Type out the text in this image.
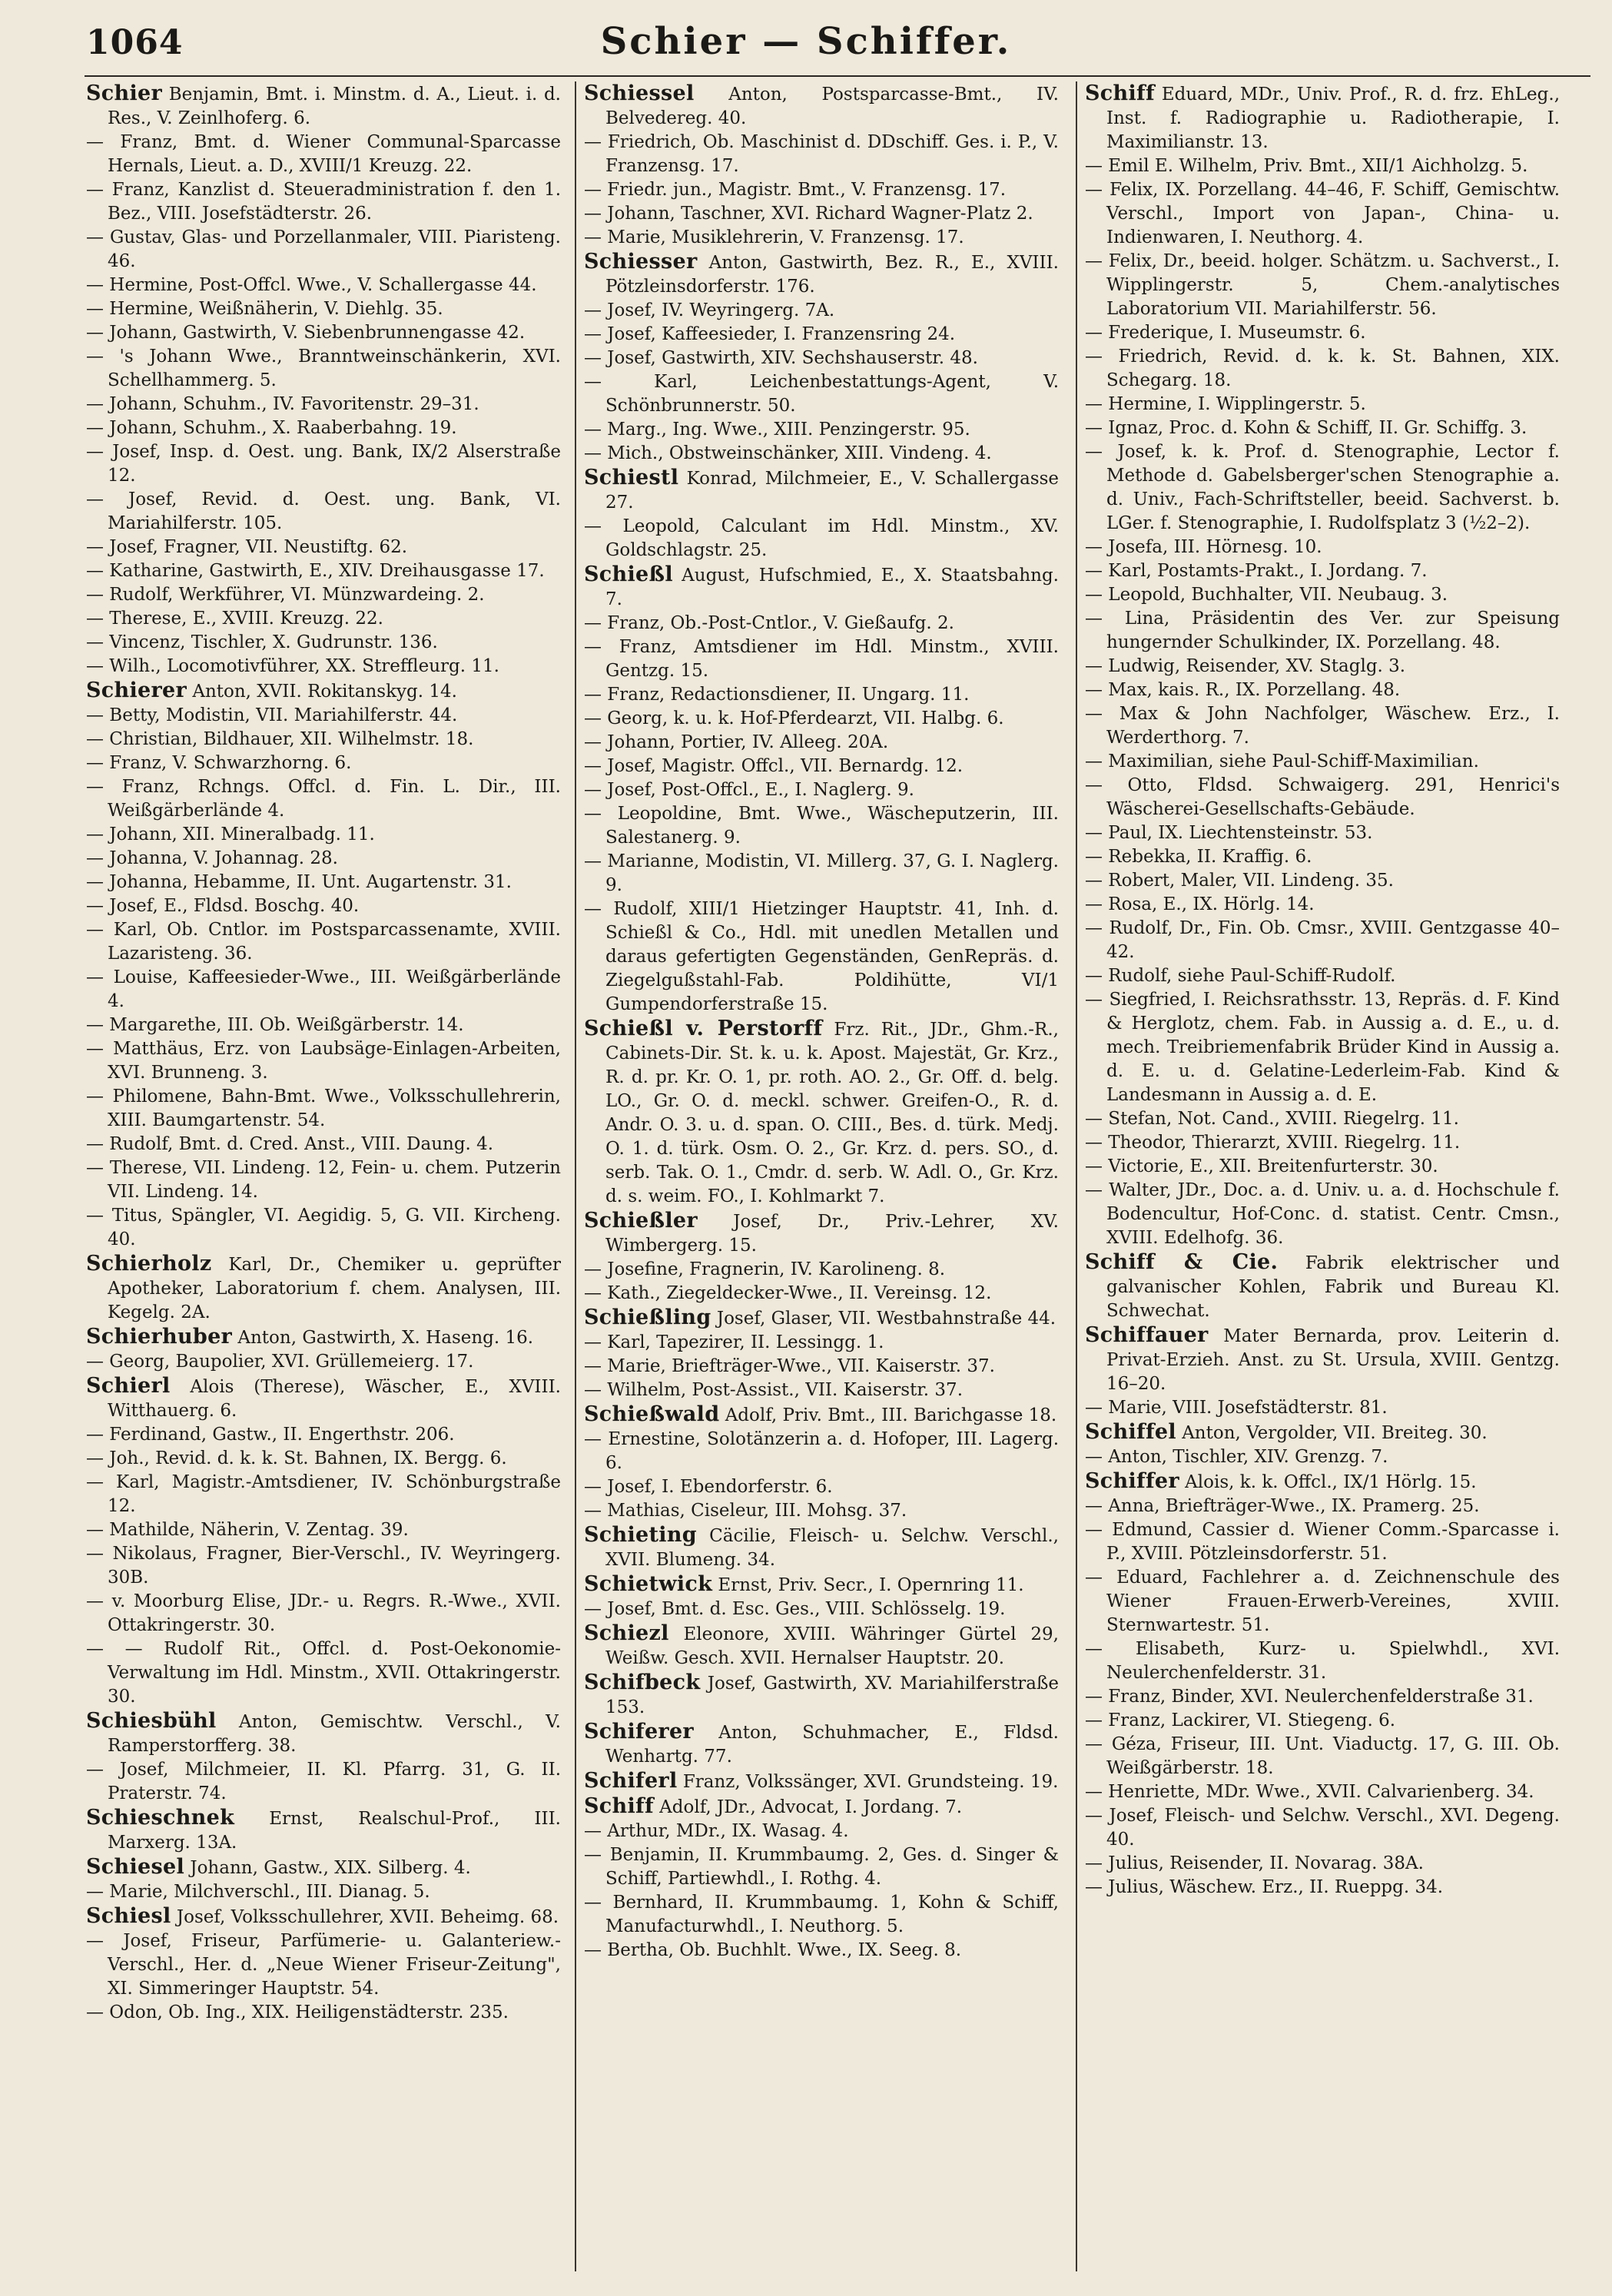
1064	Schier — Schiffer.
Schier Benjamin, Bmt. i. Minstm. d. A., Lieut. i. d. Res., V. Zeinlhoferg. 6.
— Franz, Bmt. d. Wiener Communal-Sparcasse Hernals, Lieut. a. D., XVIII/1 Kreuzg. 22.
— Franz, Kanzlist d. Steueradministration f. den 1. Bez., VIII. Josefstädterstr. 26.
— Gustav, Glas- und Porzellanmaler, VIII. Piaristeng. 46.
— Hermine, Post-Offcl. Wwe., V. Schallergasse 44.
— Hermine, Weißnäherin, V. Diehlg. 35.
— Johann, Gastwirth, V. Siebenbrunnengasse 42.
— 's Johann Wwe., Branntweinschänkerin, XVI. Schellhammerg. 5.
— Johann, Schuhm., IV. Favoritenstr. 29–31.
— Johann, Schuhm., X. Raaberbahng. 19.
— Josef, Insp. d. Oest. ung. Bank, IX/2 Alserstraße 12.
— Josef, Revid. d. Oest. ung. Bank, VI. Mariahilferstr. 105.
— Josef, Fragner, VII. Neustiftg. 62.
— Katharine, Gastwirth, E., XIV. Dreihausgasse 17.
— Rudolf, Werkführer, VI. Münzwardeing. 2.
— Therese, E., XVIII. Kreuzg. 22.
— Vincenz, Tischler, X. Gudrunstr. 136.
— Wilh., Locomotivführer, XX. Streffleurg. 11.
Schierer Anton, XVII. Rokitanskyg. 14.
— Betty, Modistin, VII. Mariahilferstr. 44.
— Christian, Bildhauer, XII. Wilhelmstr. 18.
— Franz, V. Schwarzhorng. 6.
— Franz, Rchngs. Offcl. d. Fin. L. Dir., III. Weißgärberlände 4.
— Johann, XII. Mineralbadg. 11.
— Johanna, V. Johannag. 28.
— Johanna, Hebamme, II. Unt. Augartenstr. 31.
— Josef, E., Fldsd. Boschg. 40.
— Karl, Ob. Cntlor. im Postsparcassenamte, XVIII. Lazaristeng. 36.
— Louise, Kaffeesieder-Wwe., III. Weißgärberlände 4.
— Margarethe, III. Ob. Weißgärberstr. 14.
— Matthäus, Erz. von Laubsäge-Einlagen-Arbeiten, XVI. Brunneng. 3.
— Philomene, Bahn-Bmt. Wwe., Volksschullehrerin, XIII. Baumgartenstr. 54.
— Rudolf, Bmt. d. Cred. Anst., VIII. Daung. 4.
— Therese, VII. Lindeng. 12, Fein- u. chem. Putzerin VII. Lindeng. 14.
— Titus, Spängler, VI. Aegidig. 5, G. VII. Kircheng. 40.
Schierholz Karl, Dr., Chemiker u. geprüfter Apotheker, Laboratorium f. chem. Analysen, III. Kegelg. 2A.
Schierhuber Anton, Gastwirth, X. Haseng. 16.
— Georg, Baupolier, XVI. Grüllemeierg. 17.
Schierl Alois (Therese), Wäscher, E., XVIII. Witthauerg. 6.
— Ferdinand, Gastw., II. Engerthstr. 206.
— Joh., Revid. d. k. k. St. Bahnen, IX. Bergg. 6.
— Karl, Magistr.-Amtsdiener, IV. Schönburgstraße 12.
— Mathilde, Näherin, V. Zentag. 39.
— Nikolaus, Fragner, Bier-Verschl., IV. Weyringerg. 30B.
— v. Moorburg Elise, JDr.- u. Regrs. R.-Wwe., XVII. Ottakringerstr. 30.
— — Rudolf Rit., Offcl. d. Post-Oekonomie-Verwaltung im Hdl. Minstm., XVII. Ottakringerstr. 30.
Schiesbühl Anton, Gemischtw. Verschl., V. Ramperstorfferg. 38.
— Josef, Milchmeier, II. Kl. Pfarrg. 31, G. II. Praterstr. 74.
Schieschnek Ernst, Realschul-Prof., III. Marxerg. 13A.
Schiesel Johann, Gastw., XIX. Silberg. 4.
— Marie, Milchverschl., III. Dianag. 5.
Schiesl Josef, Volksschullehrer, XVII. Beheimg. 68.
— Josef, Friseur, Parfümerie- u. Galanteriew.-Verschl., Her. d. „Neue Wiener Friseur-Zeitung", XI. Simmeringer Hauptstr. 54.
— Odon, Ob. Ing., XIX. Heiligenstädterstr. 235.
Schiessel Anton, Postsparcasse-Bmt., IV. Belvedereg. 40.
— Friedrich, Ob. Maschinist d. DDschiff. Ges. i. P., V. Franzensg. 17.
— Friedr. jun., Magistr. Bmt., V. Franzensg. 17.
— Johann, Taschner, XVI. Richard Wagner-Platz 2.
— Marie, Musiklehrerin, V. Franzensg. 17.
Schiesser Anton, Gastwirth, Bez. R., E., XVIII. Pötzleinsdorferstr. 176.
— Josef, IV. Weyringerg. 7A.
— Josef, Kaffeesieder, I. Franzensring 24.
— Josef, Gastwirth, XIV. Sechshauserstr. 48.
— Karl, Leichenbestattungs-Agent, V. Schönbrunnerstr. 50.
— Marg., Ing. Wwe., XIII. Penzingerstr. 95.
— Mich., Obstweinschänker, XIII. Vindeng. 4.
Schiestl Konrad, Milchmeier, E., V. Schallergasse 27.
— Leopold, Calculant im Hdl. Minstm., XV. Goldschlagstr. 25.
Schießl August, Hufschmied, E., X. Staatsbahng. 7.
— Franz, Ob.-Post-Cntlor., V. Gießaufg. 2.
— Franz, Amtsdiener im Hdl. Minstm., XVIII. Gentzg. 15.
— Franz, Redactionsdiener, II. Ungarg. 11.
— Georg, k. u. k. Hof-Pferdearzt, VII. Halbg. 6.
— Johann, Portier, IV. Alleeg. 20A.
— Josef, Magistr. Offcl., VII. Bernardg. 12.
— Josef, Post-Offcl., E., I. Naglerg. 9.
— Leopoldine, Bmt. Wwe., Wäscheputzerin, III. Salestanerg. 9.
— Marianne, Modistin, VI. Millerg. 37, G. I. Naglerg. 9.
— Rudolf, XIII/1 Hietzinger Hauptstr. 41, Inh. d. Schießl & Co., Hdl. mit unedlen Metallen und daraus gefertigten Gegenständen, GenRepräs. d. Ziegelgußstahl-Fab. Poldihütte, VI/1 Gumpendorferstraße 15.
Schießl v. Perstorff Frz. Rit., JDr., Ghm.-R., Cabinets-Dir. St. k. u. k. Apost. Majestät, Gr. Krz., R. d. pr. Kr. O. 1, pr. roth. AO. 2., Gr. Off. d. belg. LO., Gr. O. d. meckl. schwer. Greifen-O., R. d. Andr. O. 3. u. d. span. O. CIII., Bes. d. türk. Medj. O. 1. d. türk. Osm. O. 2., Gr. Krz. d. pers. SO., d. serb. Tak. O. 1., Cmdr. d. serb. W. Adl. O., Gr. Krz. d. s. weim. FO., I. Kohlmarkt 7.
Schießler Josef, Dr., Priv.-Lehrer, XV. Wimbergerg. 15.
— Josefine, Fragnerin, IV. Karolineng. 8.
— Kath., Ziegeldecker-Wwe., II. Vereinsg. 12.
Schießling Josef, Glaser, VII. Westbahnstraße 44.
— Karl, Tapezirer, II. Lessingg. 1.
— Marie, Briefträger-Wwe., VII. Kaiserstr. 37.
— Wilhelm, Post-Assist., VII. Kaiserstr. 37.
Schießwald Adolf, Priv. Bmt., III. Barichgasse 18.
— Ernestine, Solotänzerin a. d. Hofoper, III. Lagerg. 6.
— Josef, I. Ebendorferstr. 6.
— Mathias, Ciseleur, III. Mohsg. 37.
Schieting Cäcilie, Fleisch- u. Selchw. Verschl., XVII. Blumeng. 34.
Schietwick Ernst, Priv. Secr., I. Opernring 11.
— Josef, Bmt. d. Esc. Ges., VIII. Schlösselg. 19.
Schiezl Eleonore, XVIII. Währinger Gürtel 29, Weißw. Gesch. XVII. Hernalser Hauptstr. 20.
Schifbeck Josef, Gastwirth, XV. Mariahilferstraße 153.
Schiferer Anton, Schuhmacher, E., Fldsd. Wenhartg. 77.
Schiferl Franz, Volkssänger, XVI. Grundsteing. 19.
Schiff Adolf, JDr., Advocat, I. Jordang. 7.
— Arthur, MDr., IX. Wasag. 4.
— Benjamin, II. Krummbaumg. 2, Ges. d. Singer & Schiff, Partiewhdl., I. Rothg. 4.
— Bernhard, II. Krummbaumg. 1, Kohn & Schiff, Manufacturwhdl., I. Neuthorg. 5.
— Bertha, Ob. Buchhlt. Wwe., IX. Seeg. 8.
Schiff Eduard, MDr., Univ. Prof., R. d. frz. EhLeg., Inst. f. Radiographie u. Radiotherapie, I. Maximilianstr. 13.
— Emil E. Wilhelm, Priv. Bmt., XII/1 Aichholzg. 5.
— Felix, IX. Porzellang. 44–46, F. Schiff, Gemischtw. Verschl., Import von Japan-, China- u. Indienwaren, I. Neuthorg. 4.
— Felix, Dr., beeid. holger. Schätzm. u. Sachverst., I. Wipplingerstr. 5, Chem.-analytisches Laboratorium VII. Mariahilferstr. 56.
— Frederique, I. Museumstr. 6.
— Friedrich, Revid. d. k. k. St. Bahnen, XIX. Schegarg. 18.
— Hermine, I. Wipplingerstr. 5.
— Ignaz, Proc. d. Kohn & Schiff, II. Gr. Schiffg. 3.
— Josef, k. k. Prof. d. Stenographie, Lector f. Methode d. Gabelsberger'schen Stenographie a. d. Univ., Fach-Schriftsteller, beeid. Sachverst. b. LGer. f. Stenographie, I. Rudolfsplatz 3 (½2–2).
— Josefa, III. Hörnesg. 10.
— Karl, Postamts-Prakt., I. Jordang. 7.
— Leopold, Buchhalter, VII. Neubaug. 3.
— Lina, Präsidentin des Ver. zur Speisung hungernder Schulkinder, IX. Porzellang. 48.
— Ludwig, Reisender, XV. Staglg. 3.
— Max, kais. R., IX. Porzellang. 48.
— Max & John Nachfolger, Wäschew. Erz., I. Werderthorg. 7.
— Maximilian, siehe Paul-Schiff-Maximilian.
— Otto, Fldsd. Schwaigerg. 291, Henrici's Wäscherei-Gesellschafts-Gebäude.
— Paul, IX. Liechtensteinstr. 53.
— Rebekka, II. Kraffig. 6.
— Robert, Maler, VII. Lindeng. 35.
— Rosa, E., IX. Hörlg. 14.
— Rudolf, Dr., Fin. Ob. Cmsr., XVIII. Gentzgasse 40–42.
— Rudolf, siehe Paul-Schiff-Rudolf.
— Siegfried, I. Reichsrathsstr. 13, Repräs. d. F. Kind & Herglotz, chem. Fab. in Aussig a. d. E., u. d. mech. Treibriemenfabrik Brüder Kind in Aussig a. d. E. u. d. Gelatine-Lederleim-Fab. Kind & Landesmann in Aussig a. d. E.
— Stefan, Not. Cand., XVIII. Riegelrg. 11.
— Theodor, Thierarzt, XVIII. Riegelrg. 11.
— Victorie, E., XII. Breitenfurterstr. 30.
— Walter, JDr., Doc. a. d. Univ. u. a. d. Hochschule f. Bodencultur, Hof-Conc. d. statist. Centr. Cmsn., XVIII. Edelhofg. 36.
Schiff & Cie. Fabrik elektrischer und galvanischer Kohlen, Fabrik und Bureau Kl. Schwechat.
Schiffauer Mater Bernarda, prov. Leiterin d. Privat-Erzieh. Anst. zu St. Ursula, XVIII. Gentzg. 16–20.
— Marie, VIII. Josefstädterstr. 81.
Schiffel Anton, Vergolder, VII. Breiteg. 30.
— Anton, Tischler, XIV. Grenzg. 7.
Schiffer Alois, k. k. Offcl., IX/1 Hörlg. 15.
— Anna, Briefträger-Wwe., IX. Pramerg. 25.
— Edmund, Cassier d. Wiener Comm.-Sparcasse i. P., XVIII. Pötzleinsdorferstr. 51.
— Eduard, Fachlehrer a. d. Zeichnenschule des Wiener Frauen-Erwerb-Vereines, XVIII. Sternwartestr. 51.
— Elisabeth, Kurz- u. Spielwhdl., XVI. Neulerchenfelderstr. 31.
— Franz, Binder, XVI. Neulerchenfelderstraße 31.
— Franz, Lackirer, VI. Stiegeng. 6.
— Géza, Friseur, III. Unt. Viaductg. 17, G. III. Ob. Weißgärberstr. 18.
— Henriette, MDr. Wwe., XVII. Calvarienberg. 34.
— Josef, Fleisch- und Selchw. Verschl., XVI. Degeng. 40.
— Julius, Reisender, II. Novarag. 38A.
— Julius, Wäschew. Erz., II. Rueppg. 34.
